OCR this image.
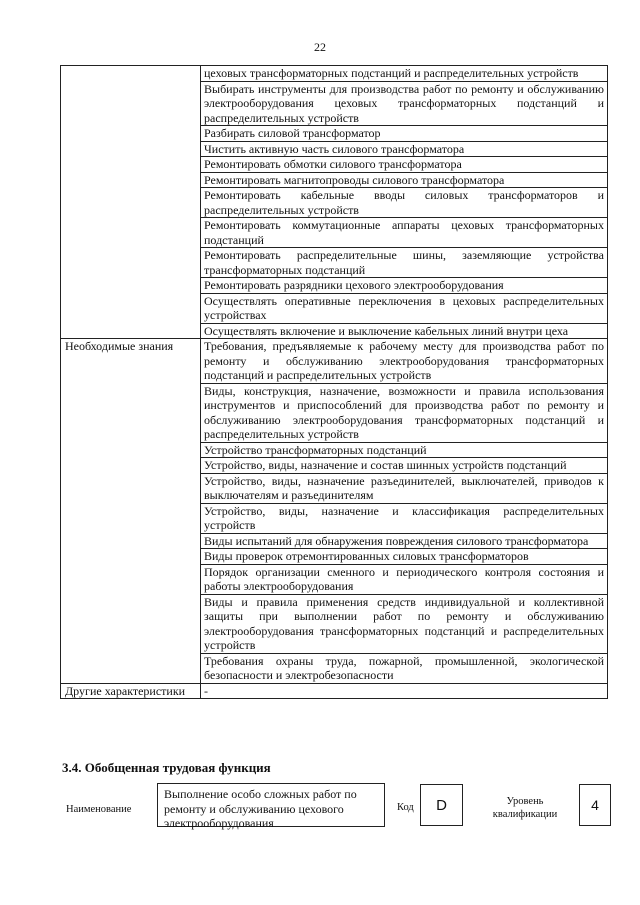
22
	цеховых трансформаторных подстанций и распределительных устройств
	Выбирать инструменты для производства работ по ремонту и обслуживанию электрооборудования цеховых трансформаторных подстанций и распределительных устройств
	Разбирать силовой трансформатор
	Чистить активную часть силового трансформатора
	Ремонтировать обмотки силового трансформатора
	Ремонтировать магнитопроводы силового трансформатора
	Ремонтировать кабельные вводы силовых трансформаторов и распределительных устройств
	Ремонтировать коммутационные аппараты цеховых трансформаторных подстанций
	Ремонтировать распределительные шины, заземляющие устройства трансформаторных подстанций
	Ремонтировать разрядники цехового электрооборудования
	Осуществлять оперативные переключения в цеховых распределительных устройствах
	Осуществлять включение и выключение кабельных линий внутри цеха
Необходимые знания	Требования, предъявляемые к рабочему месту для производства работ по ремонту и обслуживанию электрооборудования трансформаторных подстанций и распределительных устройств
	Виды, конструкция, назначение, возможности и правила использования инструментов и приспособлений для производства работ по ремонту и обслуживанию электрооборудования трансформаторных подстанций и распределительных устройств
	Устройство трансформаторных подстанций
	Устройство, виды, назначение и состав шинных устройств подстанций
	Устройство, виды, назначение разъединителей, выключателей, приводов к выключателям и разъединителям
	Устройство, виды, назначение и классификация распределительных устройств
	Виды испытаний для обнаружения повреждения силового трансформатора
	Виды проверок отремонтированных силовых трансформаторов
	Порядок организации сменного и периодического контроля состояния и работы электрооборудования
	Виды и правила применения средств индивидуальной и коллективной защиты при выполнении работ по ремонту и обслуживанию электрооборудования трансформаторных подстанций и распределительных устройств
	Требования охраны труда, пожарной, промышленной, экологической безопасности и электробезопасности
Другие характеристики	-
3.4. Обобщенная трудовая функция
Наименование
Выполнение особо сложных работ по ремонту и обслуживанию цехового электрооборудования
Код	D	Уровень квалификации
4
